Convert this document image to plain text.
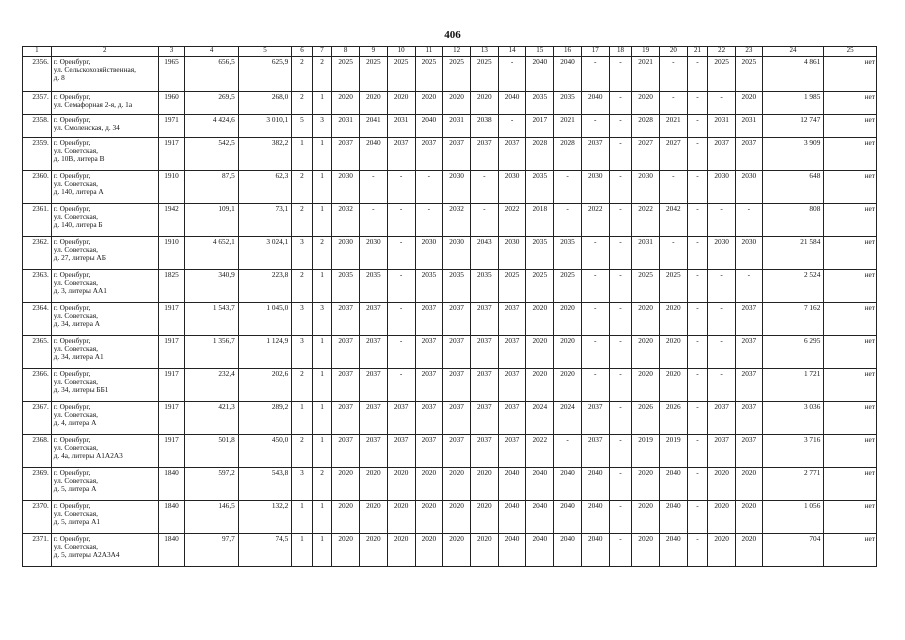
406
1	2	3	4	5	6	7	8	9	10	11	12	13	14	15	16	17	18	19	20	21	22	23	24	25
2356.	г. Оренбург,
ул. Сельскохозяйственная,
д. 8	1965	656,5	625,9	2	2	2025	2025	2025	2025	2025	2025	-	2040	2040	-	-	2021	-	-	2025	2025	4 861	нет
2357.	г. Оренбург,
ул. Семафорная 2-я, д. 1а	1960	269,5	268,0	2	1	2020	2020	2020	2020	2020	2020	2040	2035	2035	2040	-	2020	-	-	-	2020	1 985	нет
2358.	г. Оренбург,
ул. Смоленская, д. 34	1971	4 424,6	3 010,1	5	3	2031	2041	2031	2040	2031	2038	-	2017	2021	-	-	2028	2021	-	2031	2031	12 747	нет
2359.	г. Оренбург,
ул. Советская,
д. 10В, литера В	1917	542,5	382,2	1	1	2037	2040	2037	2037	2037	2037	2037	2028	2028	2037	-	2027	2027	-	2037	2037	3 909	нет
2360.	г. Оренбург,
ул. Советская,
д. 140, литера А	1910	87,5	62,3	2	1	2030	-	-	-	2030	-	2030	2035	-	2030	-	2030	-	-	2030	2030	648	нет
2361.	г. Оренбург,
ул. Советская,
д. 140, литера Б	1942	109,1	73,1	2	1	2032	-	-	-	2032	-	2022	2018	-	2022	-	2022	2042	-	-	-	808	нет
2362.	г. Оренбург,
ул. Советская,
д. 27, литеры АБ	1910	4 652,1	3 024,1	3	2	2030	2030	-	2030	2030	2043	2030	2035	2035	-	-	2031	-	-	2030	2030	21 584	нет
2363.	г. Оренбург,
ул. Советская,
д. 3, литеры АА1	1825	340,9	223,8	2	1	2035	2035	-	2035	2035	2035	2025	2025	2025	-	-	2025	2025	-	-	-	2 524	нет
2364.	г. Оренбург,
ул. Советская,
д. 34, литера А	1917	1 543,7	1 045,0	3	3	2037	2037	-	2037	2037	2037	2037	2020	2020	-	-	2020	2020	-	-	2037	7 162	нет
2365.	г. Оренбург,
ул. Советская,
д. 34, литера А1	1917	1 356,7	1 124,9	3	1	2037	2037	-	2037	2037	2037	2037	2020	2020	-	-	2020	2020	-	-	2037	6 295	нет
2366.	г. Оренбург,
ул. Советская,
д. 34, литеры ББ1	1917	232,4	202,6	2	1	2037	2037	-	2037	2037	2037	2037	2020	2020	-	-	2020	2020	-	-	2037	1 721	нет
2367.	г. Оренбург,
ул. Советская,
д. 4, литера А	1917	421,3	289,2	1	1	2037	2037	2037	2037	2037	2037	2037	2024	2024	2037	-	2026	2026	-	2037	2037	3 036	нет
2368.	г. Оренбург,
ул. Советская,
д. 4а, литеры А1А2А3	1917	501,8	450,0	2	1	2037	2037	2037	2037	2037	2037	2037	2022	-	2037	-	2019	2019	-	2037	2037	3 716	нет
2369.	г. Оренбург,
ул. Советская,
д. 5, литера А	1840	597,2	543,8	3	2	2020	2020	2020	2020	2020	2020	2040	2040	2040	2040	-	2020	2040	-	2020	2020	2 771	нет
2370.	г. Оренбург,
ул. Советская,
д. 5, литера А1	1840	146,5	132,2	1	1	2020	2020	2020	2020	2020	2020	2040	2040	2040	2040	-	2020	2040	-	2020	2020	1 056	нет
2371.	г. Оренбург,
ул. Советская,
д. 5, литеры А2А3А4	1840	97,7	74,5	1	1	2020	2020	2020	2020	2020	2020	2040	2040	2040	2040	-	2020	2040	-	2020	2020	704	нет
